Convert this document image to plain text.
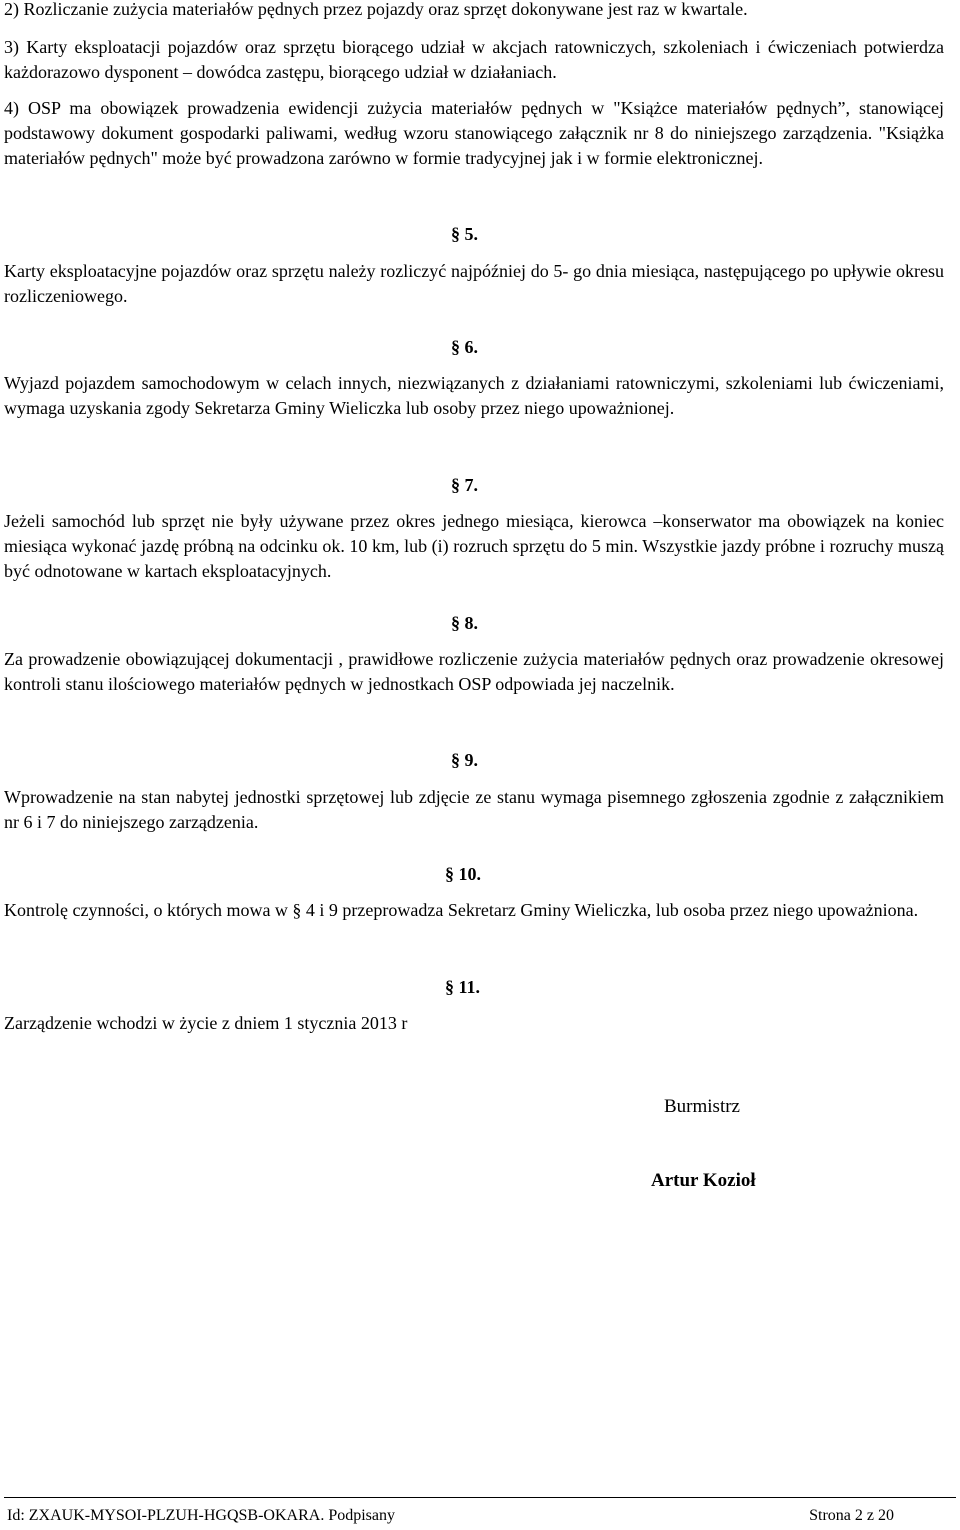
2) Rozliczanie zużycia materiałów pędnych przez pojazdy oraz sprzęt dokonywane jest raz w kwartale.

3) Karty eksploatacji pojazdów oraz sprzętu biorącego udział w akcjach ratowniczych, szkoleniach i ćwiczeniach potwierdza każdorazowo dysponent – dowódca zastępu, biorącego udział w działaniach.

4) OSP ma obowiązek prowadzenia ewidencji zużycia materiałów pędnych w "Książce materiałów pędnych”, stanowiącej podstawowy dokument gospodarki paliwami, według wzoru stanowiącego załącznik nr 8 do niniejszego zarządzenia. "Książka materiałów pędnych" może być prowadzona zarówno w formie tradycyjnej jak i w formie elektronicznej.

§ 5.

Karty eksploatacyjne pojazdów oraz sprzętu należy rozliczyć najpóźniej do 5- go dnia miesiąca, następującego po upływie okresu rozliczeniowego.

§ 6.

Wyjazd pojazdem samochodowym w celach innych, niezwiązanych z działaniami ratowniczymi, szkoleniami lub ćwiczeniami, wymaga uzyskania zgody Sekretarza Gminy Wieliczka lub osoby przez niego upoważnionej.

§ 7.

Jeżeli samochód lub sprzęt nie były używane przez okres jednego miesiąca, kierowca –konserwator ma obowiązek na koniec miesiąca wykonać jazdę próbną na odcinku ok. 10 km, lub (i) rozruch sprzętu do 5 min. Wszystkie jazdy próbne i rozruchy muszą być odnotowane w kartach eksploatacyjnych.

§ 8.

Za prowadzenie obowiązującej dokumentacji , prawidłowe rozliczenie zużycia materiałów pędnych oraz prowadzenie okresowej kontroli stanu ilościowego materiałów pędnych w jednostkach OSP odpowiada jej naczelnik.

§ 9.

Wprowadzenie na stan nabytej jednostki sprzętowej lub zdjęcie ze stanu wymaga pisemnego zgłoszenia zgodnie z załącznikiem nr 6 i 7 do niniejszego zarządzenia.

§ 10.

Kontrolę czynności, o których mowa w § 4 i 9 przeprowadza Sekretarz Gminy Wieliczka, lub osoba przez niego upoważniona.

§ 11.

Zarządzenie wchodzi w życie z dniem 1 stycznia 2013 r

Burmistrz
Artur Kozioł
Id: ZXAUK-MYSOI-PLZUH-HGQSB-OKARA. Podpisany	Strona 2 z 20
